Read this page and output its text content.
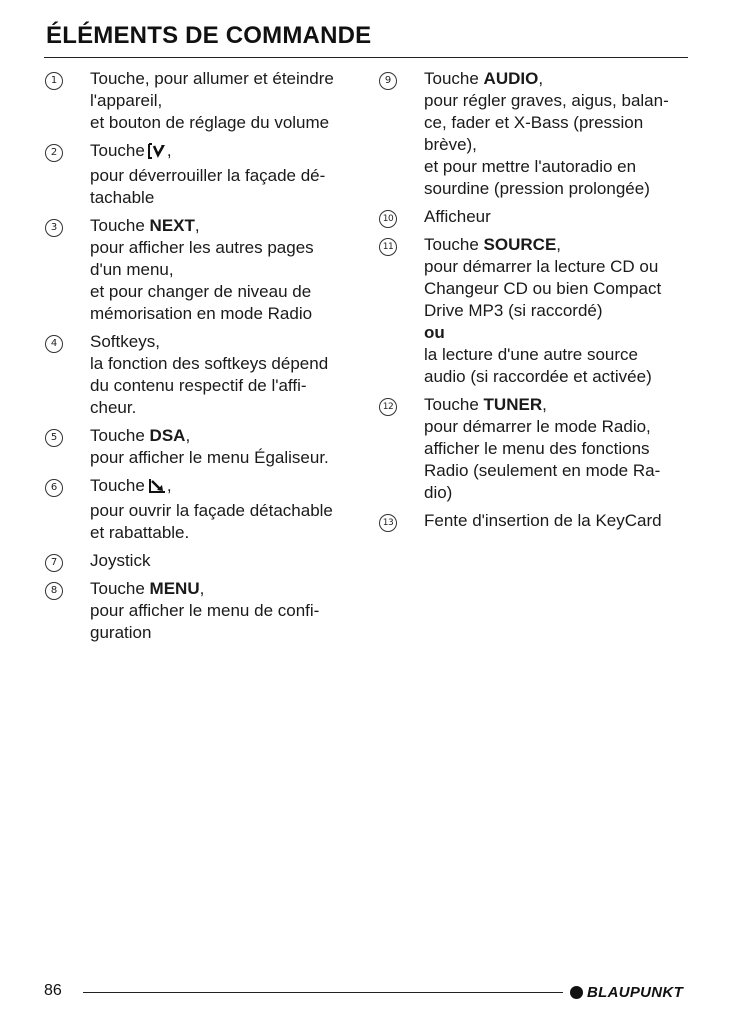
ÉLÉMENTS DE COMMANDE
1	Touche, pour allumer et éteindre
l'appareil,
et bouton de réglage du volume
2	Touche ,
pour déverrouiller la façade dé-
tachable
3	Touche NEXT,
pour afficher les autres pages
d'un menu,
et pour changer de niveau de
mémorisation en mode Radio
4	Softkeys,
la fonction des softkeys dépend
du contenu respectif de l'affi-
cheur.
5	Touche DSA,
pour afficher le menu Égaliseur.
6	Touche ,
pour ouvrir la façade détachable
et rabattable.
7	Joystick
8	Touche MENU,
pour afficher le menu de confi-
guration
9	Touche AUDIO,
pour régler graves, aigus, balan-
ce, fader et X-Bass (pression
brève),
et pour mettre l'autoradio en
sourdine (pression prolongée)
10 Afficheur
11 Touche SOURCE,
pour démarrer la lecture CD ou
Changeur CD ou bien Compact
Drive MP3 (si raccordé)
ou
la lecture d'une autre source
audio (si raccordée et activée)
12 Touche TUNER,
pour démarrer le mode Radio,
afficher le menu des fonctions
Radio (seulement en mode Ra-
dio)
13 Fente d'insertion de la KeyCard
86	BLAUPUNKT
